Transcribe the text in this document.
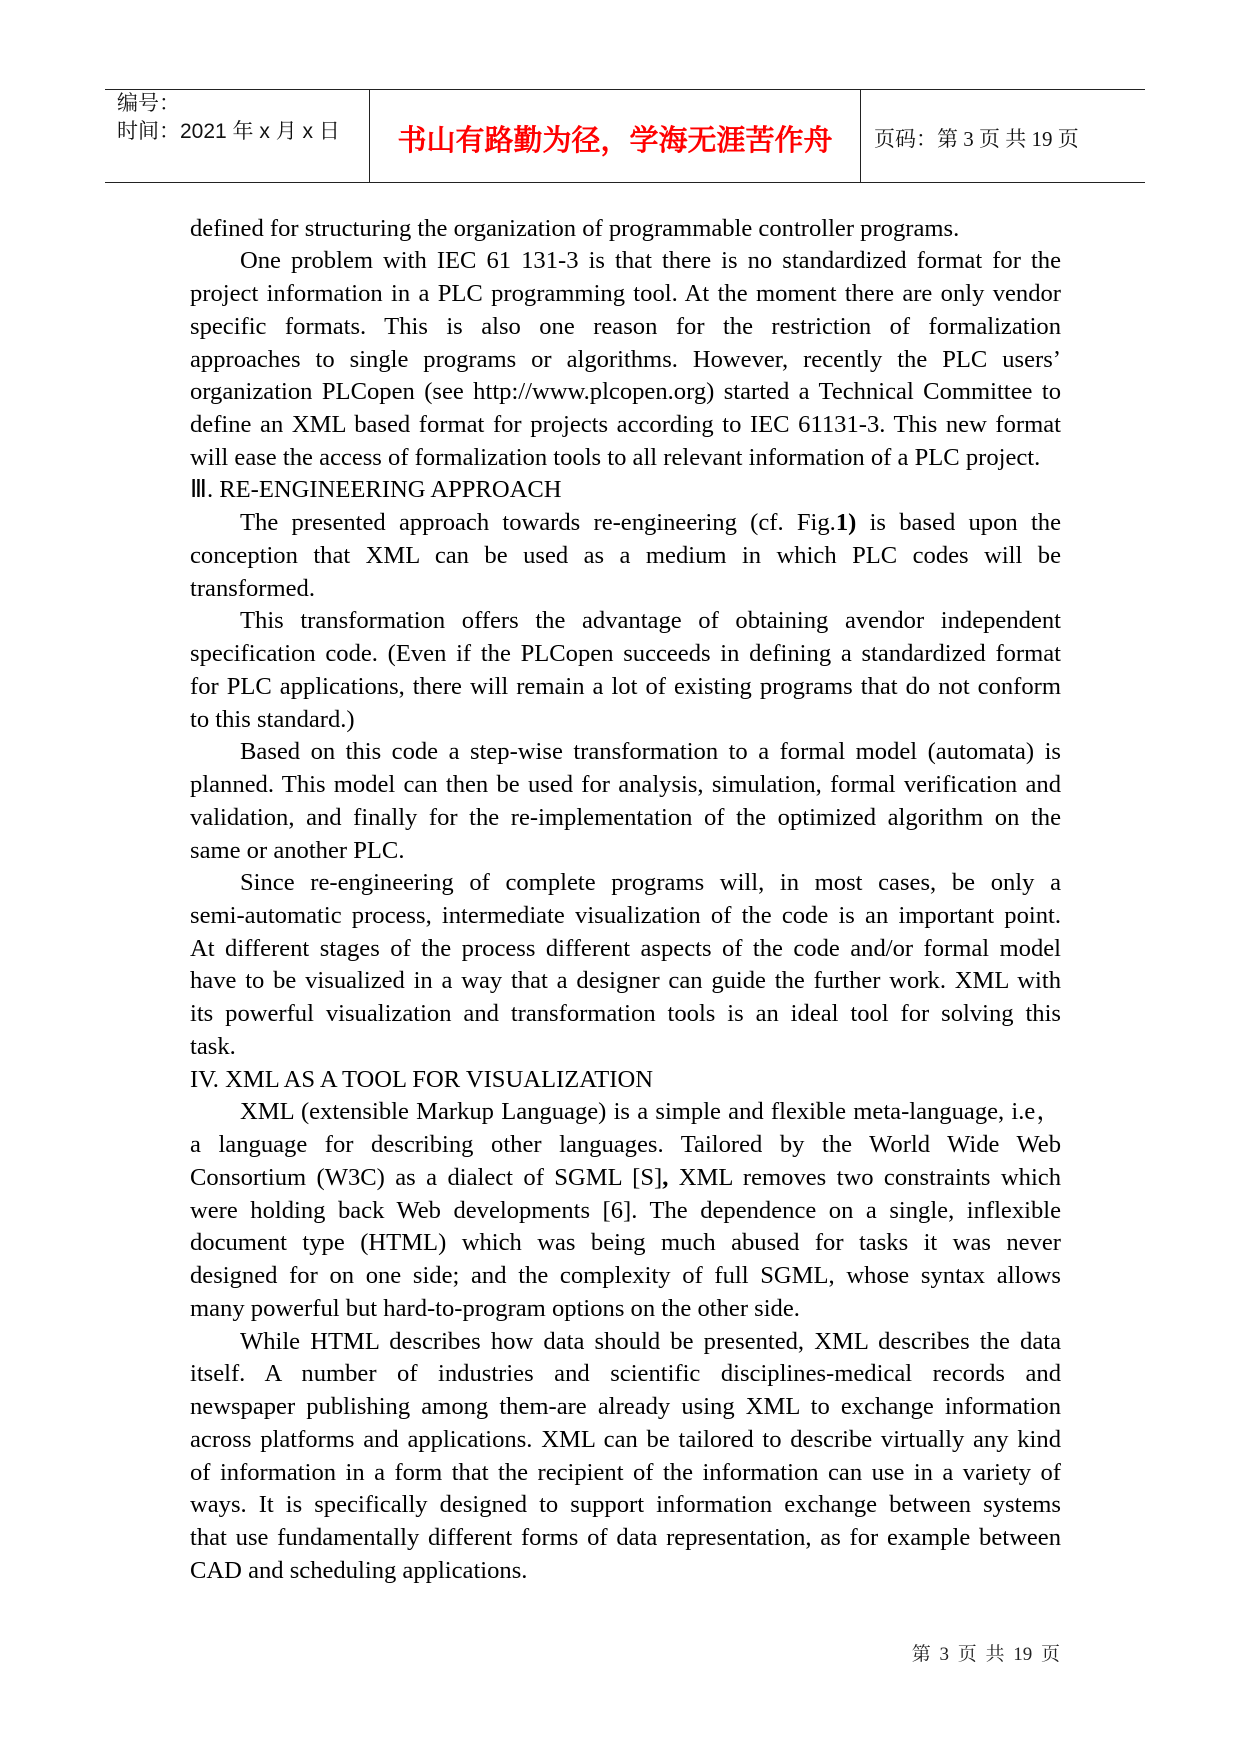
编号：
时间：2021 年 x 月 x 日	书山有路勤为径，学海无涯苦作舟 页码：第 3 页 共 19 页
defined for structuring the organization of programmable controller programs.
One problem with IEC 61 131-3 is that there is no standardized format for the
project information in a PLC programming tool. At the moment there are only vendor
specific formats. This is also one reason for the restriction of formalization
approaches to single programs or algorithms. However, recently the PLC users’
organization PLCopen (see http://www.plcopen.org) started a Technical Committee to
define an XML based format for projects according to IEC 61131-3. This new format
will ease the access of formalization tools to all relevant information of a PLC project.
Ⅲ. RE-ENGINEERING APPROACH
The presented approach towards re-engineering (cf. Fig.1) is based upon the
conception that XML can be used as a medium in which PLC codes will be
transformed.
This transformation offers the advantage of obtaining avendor independent
specification code. (Even if the PLCopen succeeds in defining a standardized format
for PLC applications, there will remain a lot of existing programs that do not conform
to this standard.)
Based on this code a step-wise transformation to a formal model (automata) is
planned. This model can then be used for analysis, simulation, formal verification and
validation, and finally for the re-implementation of the optimized algorithm on the
same or another PLC.
Since re-engineering of complete programs will, in most cases, be only a
semi-automatic process, intermediate visualization of the code is an important point.
At different stages of the process different aspects of the code and/or formal model
have to be visualized in a way that a designer can guide the further work. XML with
its powerful visualization and transformation tools is an ideal tool for solving this
task.
IV. XML AS A TOOL FOR VISUALIZATION
XML (extensible Markup Language) is a simple and flexible meta-language, i.e，
a language for describing other languages. Tailored by the World Wide Web
Consortium (W3C) as a dialect of SGML [S], XML removes two constraints which
were holding back Web developments [6]. The dependence on a single, inflexible
document type (HTML) which was being much abused for tasks it was never
designed for on one side; and the complexity of full SGML, whose syntax allows
many powerful but hard-to-program options on the other side.
While HTML describes how data should be presented, XML describes the data
itself. A number of industries and scientific disciplines-medical records and
newspaper publishing among them-are already using XML to exchange information
across platforms and applications. XML can be tailored to describe virtually any kind
of information in a form that the recipient of the information can use in a variety of
ways. It is specifically designed to support information exchange between systems
that use fundamentally different forms of data representation, as for example between
CAD and scheduling applications.
第 3 页 共 19 页
